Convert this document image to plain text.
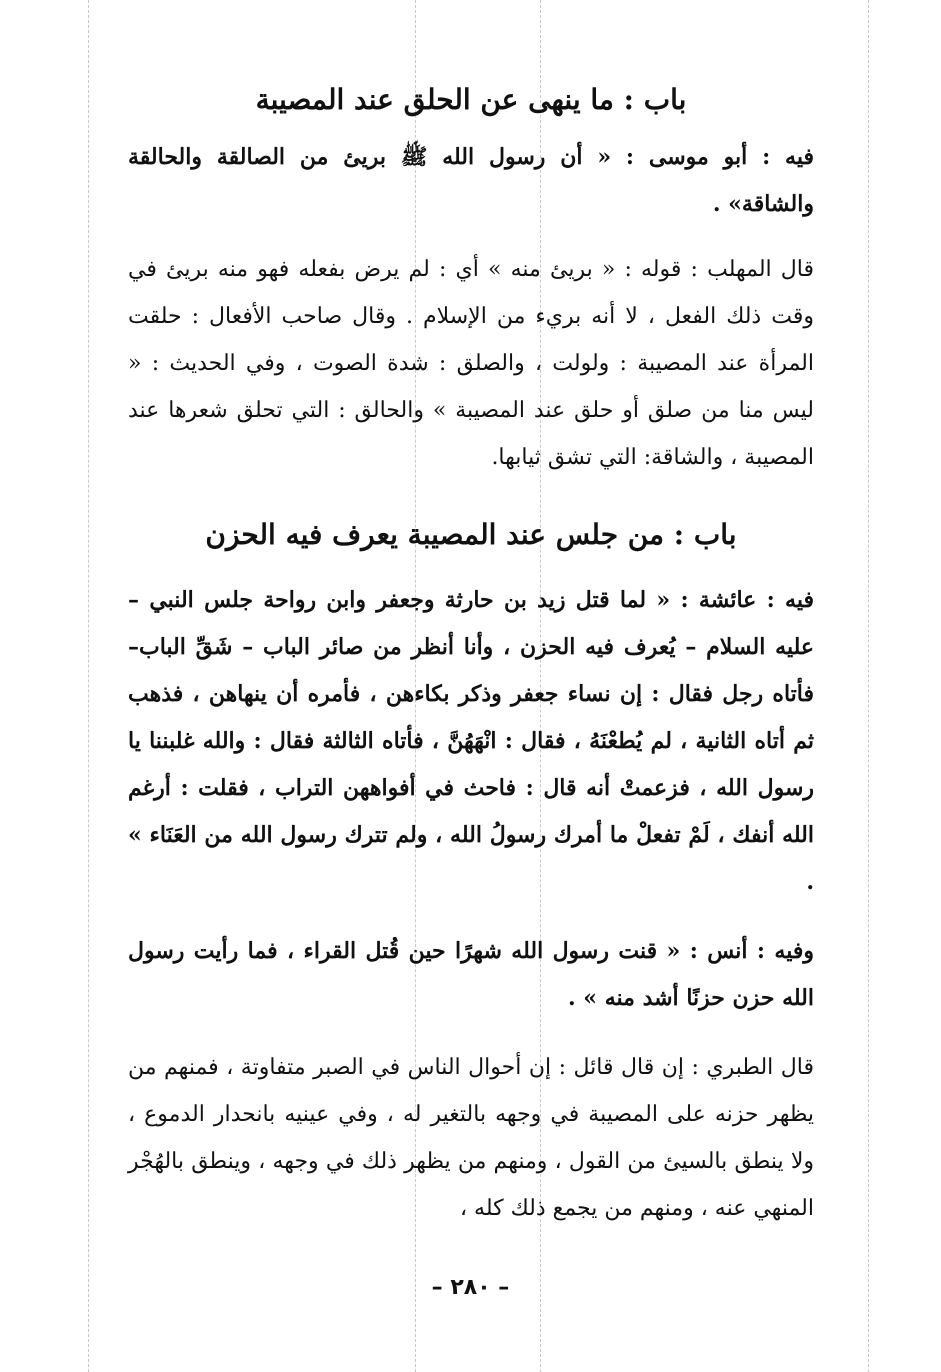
باب : ما ينهى عن الحلق عند المصيبة

فيه : أبو موسى : « أن رسول الله ﷺ بريئ من الصالقة والحالقة والشاقة» .

قال المهلب : قوله : « بريئ منه » أي : لم يرض بفعله فهو منه بريئ في وقت ذلك الفعل ، لا أنه بريء من الإسلام . وقال صاحب الأفعال : حلقت المرأة عند المصيبة : ولولت ، والصلق : شدة الصوت ، وفي الحديث : « ليس منا من صلق أو حلق عند المصيبة » والحالق : التي تحلق شعرها عند المصيبة ، والشاقة: التي تشق ثيابها.

باب : من جلس عند المصيبة يعرف فيه الحزن

فيه : عائشة : « لما قتل زيد بن حارثة وجعفر وابن رواحة جلس النبي – عليه السلام – يُعرف فيه الحزن ، وأنا أنظر من صائر الباب – شَقِّ الباب– فأتاه رجل فقال : إن نساء جعفر وذكر بكاءهن ، فأمره أن ينهاهن ، فذهب ثم أتاه الثانية ، لم يُطعْنَهُ ، فقال : انْهَهُنَّ ، فأتاه الثالثة فقال : والله غلبننا يا رسول الله ، فزعمتْ أنه قال : فاحث في أفواههن التراب ، فقلت : أرغم الله أنفك ، لَمْ تفعلْ ما أمرك رسولُ الله ، ولم تترك رسول الله من العَنَاء » .

وفيه : أنس : « قنت رسول الله شهرًا حين قُتل القراء ، فما رأيت رسول الله حزن حزنًا أشد منه » .

قال الطبري : إن قال قائل : إن أحوال الناس في الصبر متفاوتة ، فمنهم من يظهر حزنه على المصيبة في وجهه بالتغير له ، وفي عينيه بانحدار الدموع ، ولا ينطق بالسيئ من القول ، ومنهم من يظهر ذلك في وجهه ، وينطق بالهُجْر المنهي عنه ، ومنهم من يجمع ذلك كله ،

– ٢٨٠ –
